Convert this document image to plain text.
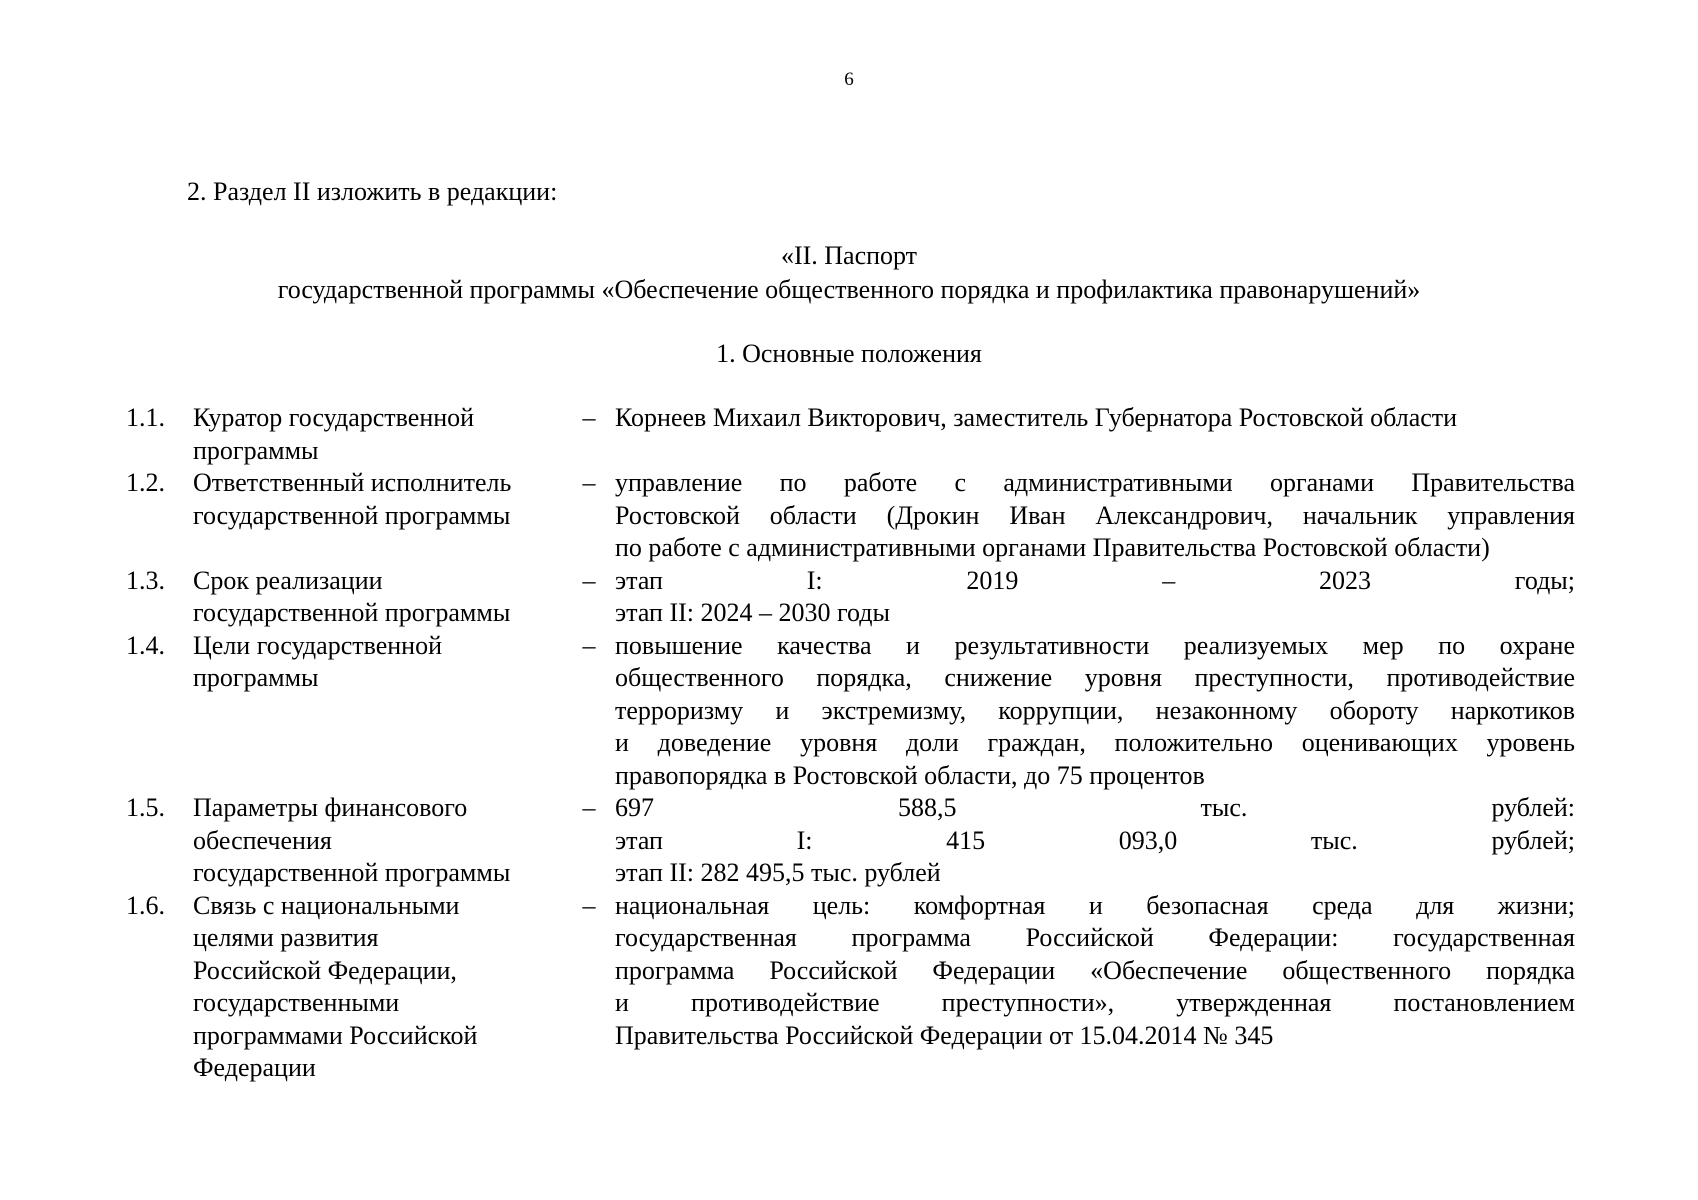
6
2. Раздел II изложить в редакции:
«II. Паспорт
государственной программы «Обеспечение общественного порядка и профилактика правонарушений»
1. Основные положения
1.1.	Куратор государственной
программы
– Корнеев Михаил Викторович, заместитель Губернатора Ростовской области
1.2.	Ответственный исполнитель
государственной программы
– управление по работе с административными органами Правительства
Ростовской области (Дрокин Иван Александрович, начальник управления
по работе с административными органами Правительства Ростовской области)
1.3.	Срок реализации
государственной программы
– этап I: 2019 – 2023 годы;
этап II: 2024 – 2030 годы
1.4.	Цели государственной
программы
– повышение качества и результативности реализуемых мер по охране
общественного порядка, снижение уровня преступности, противодействие
терроризму и экстремизму, коррупции, незаконному обороту наркотиков
и доведение уровня доли граждан, положительно оценивающих уровень
правопорядка в Ростовской области, до 75 процентов
1.5.	Параметры финансового
обеспечения
государственной программы
– 697 588,5 тыс. рублей:
этап I: 415 093,0 тыс. рублей;
этап II: 282 495,5 тыс. рублей
1.6.	Связь с национальными
целями развития
Российской Федерации,
государственными
программами Российской
Федерации
– национальная цель: комфортная и безопасная среда для жизни;
государственная программа Российской Федерации: государственная
программа Российской Федерации «Обеспечение общественного порядка
и противодействие преступности», утвержденная постановлением
Правительства Российской Федерации от 15.04.2014 № 345
